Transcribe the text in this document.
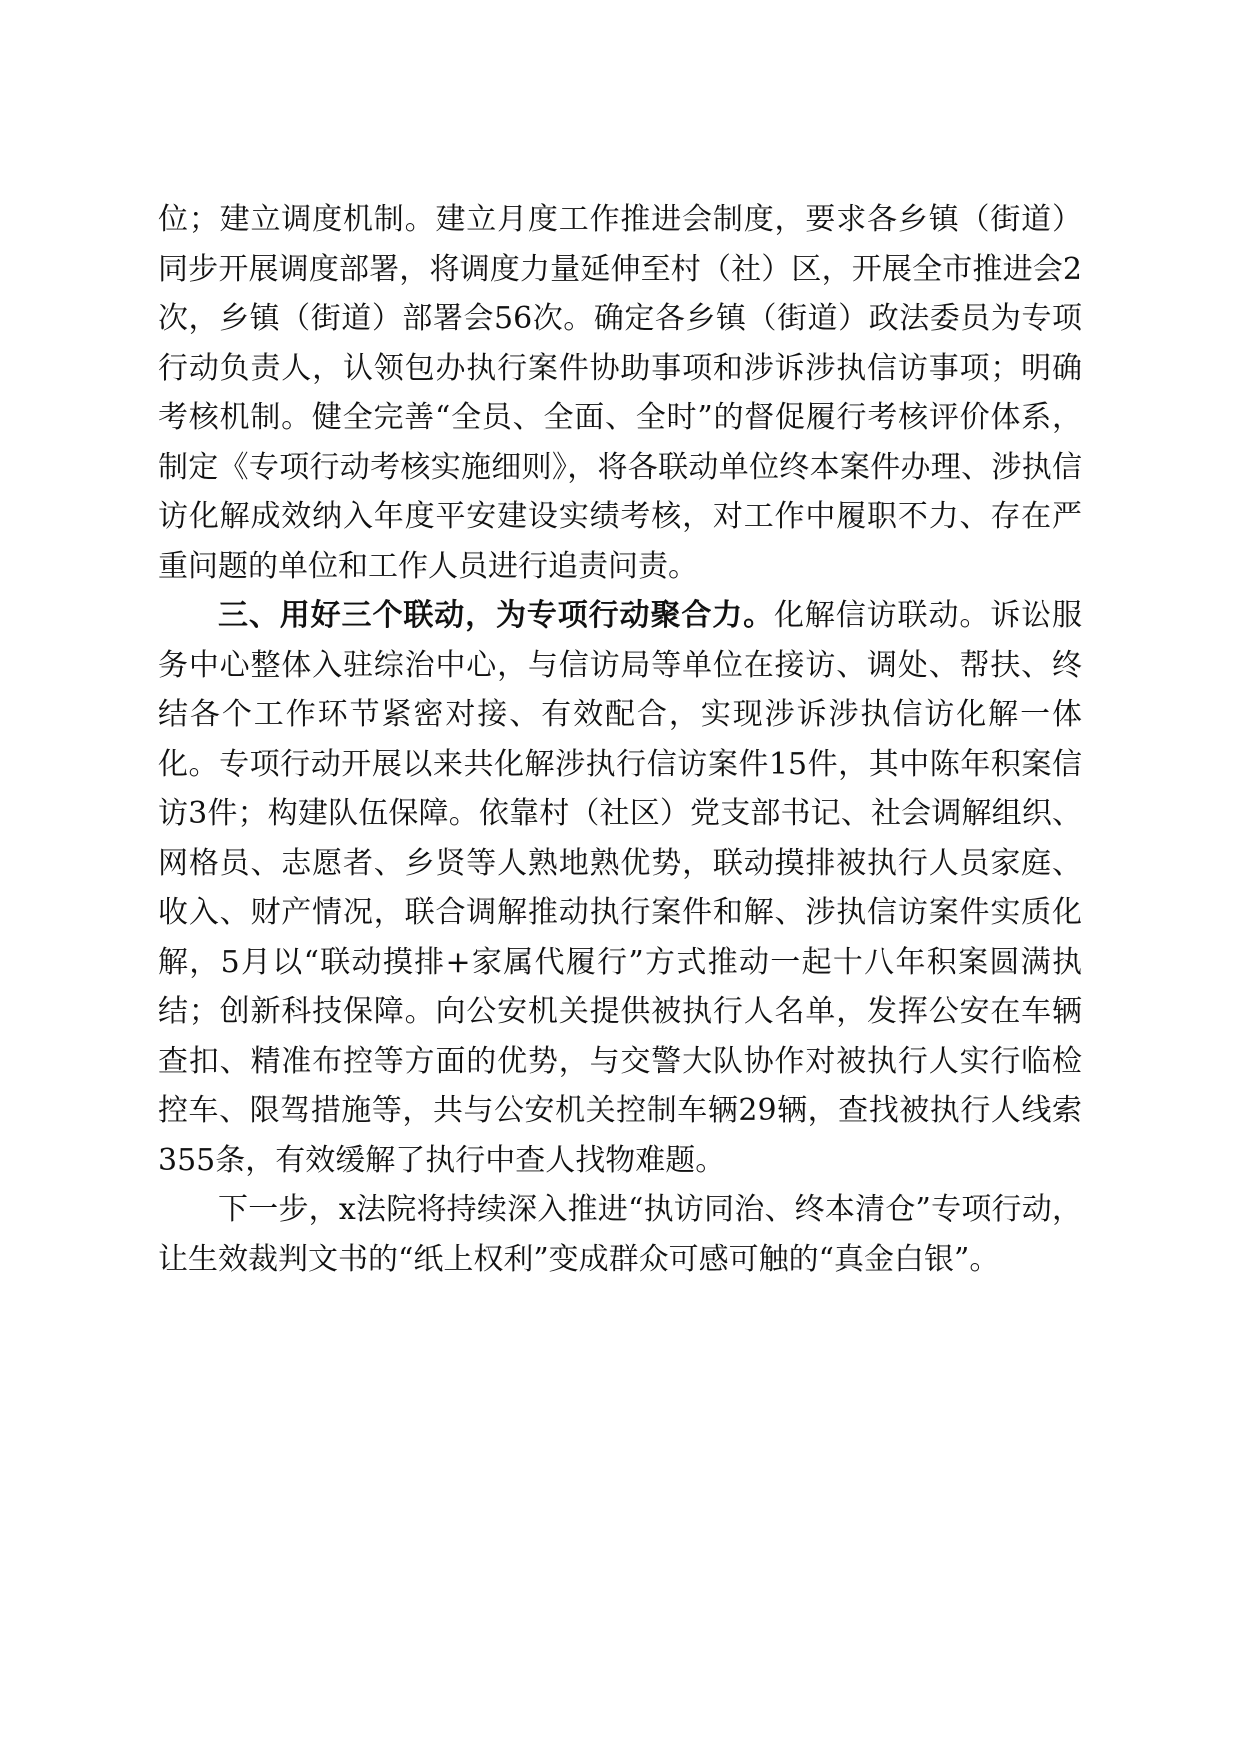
位；建立调度机制。建立月度工作推进会制度，要求各乡镇（街道）同步开展调度部署，将调度力量延伸至村（社）区，开展全市推进会2次，乡镇（街道）部署会56次。确定各乡镇（街道）政法委员为专项行动负责人，认领包办执行案件协助事项和涉诉涉执信访事项；明确考核机制。健全完善“全员、全面、全时”的督促履行考核评价体系，制定《专项行动考核实施细则》，将各联动单位终本案件办理、涉执信访化解成效纳入年度平安建设实绩考核，对工作中履职不力、存在严重问题的单位和工作人员进行追责问责。

三、用好三个联动，为专项行动聚合力。化解信访联动。诉讼服务中心整体入驻综治中心，与信访局等单位在接访、调处、帮扶、终结各个工作环节紧密对接、有效配合，实现涉诉涉执信访化解一体化。专项行动开展以来共化解涉执行信访案件15件，其中陈年积案信访3件；构建队伍保障。依靠村（社区）党支部书记、社会调解组织、网格员、志愿者、乡贤等人熟地熟优势，联动摸排被执行人员家庭、收入、财产情况，联合调解推动执行案件和解、涉执信访案件实质化解，5月以“联动摸排+家属代履行”方式推动一起十八年积案圆满执结；创新科技保障。向公安机关提供被执行人名单，发挥公安在车辆查扣、精准布控等方面的优势，与交警大队协作对被执行人实行临检控车、限驾措施等，共与公安机关控制车辆29辆，查找被执行人线索355条，有效缓解了执行中查人找物难题。

下一步，x法院将持续深入推进“执访同治、终本清仓”专项行动，让生效裁判文书的“纸上权利”变成群众可感可触的“真金白银”。
